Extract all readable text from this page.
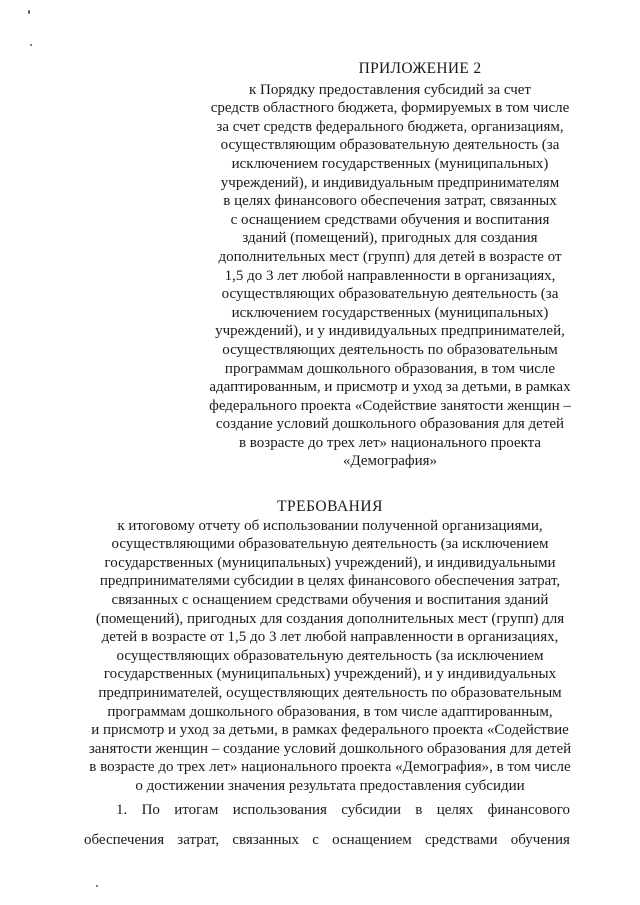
ПРИЛОЖЕНИЕ 2
к Порядку предоставления субсидий за счет
средств областного бюджета, формируемых в том числе
за счет средств федерального бюджета, организациям,
осуществляющим образовательную деятельность (за
исключением государственных (муниципальных)
учреждений), и индивидуальным предпринимателям
в целях финансового обеспечения затрат, связанных
с оснащением средствами обучения и воспитания
зданий (помещений), пригодных для создания
дополнительных мест (групп) для детей в возрасте от
1,5 до 3 лет любой направленности в организациях,
осуществляющих образовательную деятельность (за
исключением государственных (муниципальных)
учреждений), и у индивидуальных предпринимателей,
осуществляющих деятельность по образовательным
программам дошкольного образования, в том числе
адаптированным, и присмотр и уход за детьми, в рамках
федерального проекта «Содействие занятости женщин –
создание условий дошкольного образования для детей
в возрасте до трех лет» национального проекта
«Демография»
ТРЕБОВАНИЯ
к итоговому отчету об использовании полученной организациями,
осуществляющими образовательную деятельность (за исключением
государственных (муниципальных) учреждений), и индивидуальными
предпринимателями субсидии в целях финансового обеспечения затрат,
связанных с оснащением средствами обучения и воспитания зданий
(помещений), пригодных для создания дополнительных мест (групп) для
детей в возрасте от 1,5 до 3 лет любой направленности в организациях,
осуществляющих образовательную деятельность (за исключением
государственных (муниципальных) учреждений), и у индивидуальных
предпринимателей, осуществляющих деятельность по образовательным
программам дошкольного образования, в том числе адаптированным,
и присмотр и уход за детьми, в рамках федерального проекта «Содействие
занятости женщин – создание условий дошкольного образования для детей
в возрасте до трех лет» национального проекта «Демография», в том числе
о достижении значения результата предоставления субсидии
1. По итогам использования субсидии в целях финансового
обеспечения затрат, связанных с оснащением средствами обучения
